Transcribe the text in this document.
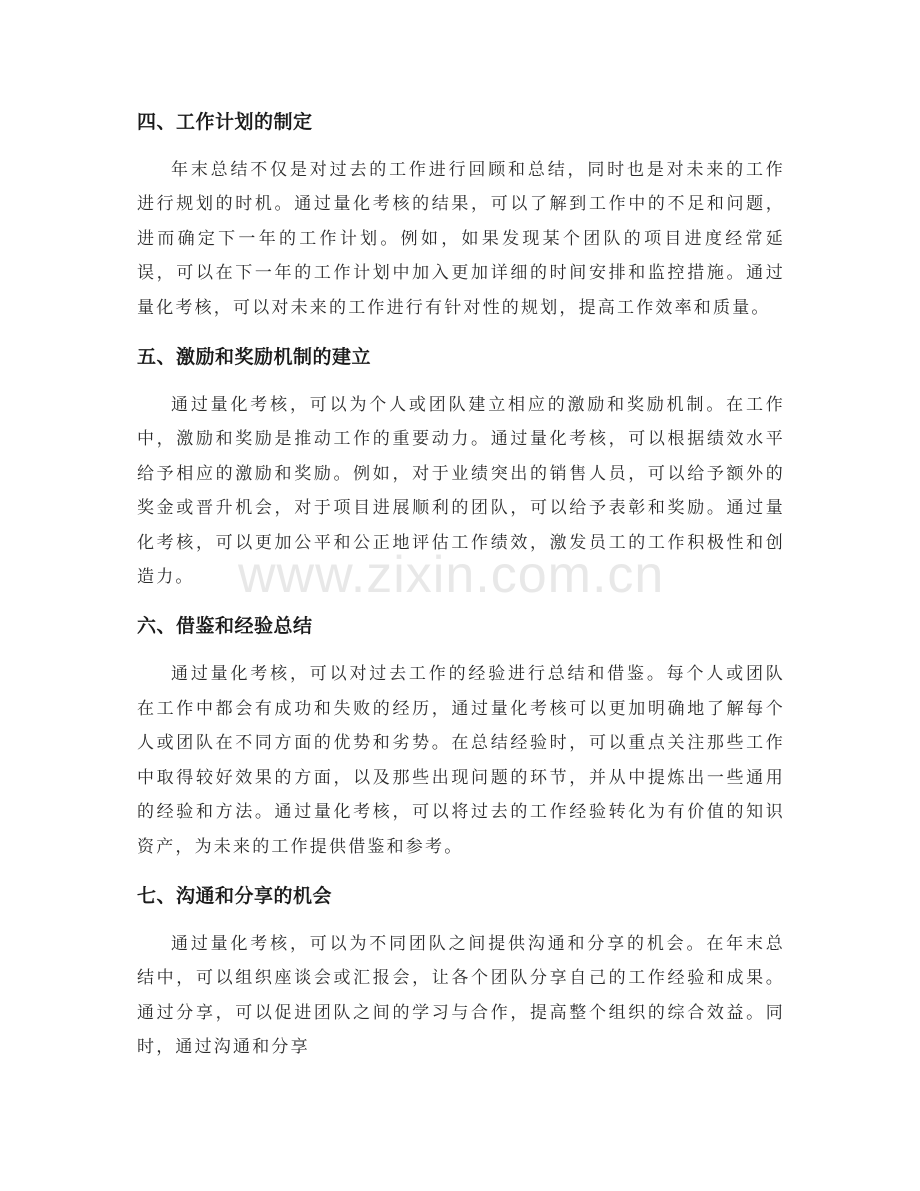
四、工作计划的制定

年末总结不仅是对过去的工作进行回顾和总结，同时也是对未来的工作进行规划的时机。通过量化考核的结果，可以了解到工作中的不足和问题，进而确定下一年的工作计划。例如，如果发现某个团队的项目进度经常延误，可以在下一年的工作计划中加入更加详细的时间安排和监控措施。通过量化考核，可以对未来的工作进行有针对性的规划，提高工作效率和质量。

五、激励和奖励机制的建立

通过量化考核，可以为个人或团队建立相应的激励和奖励机制。在工作中，激励和奖励是推动工作的重要动力。通过量化考核，可以根据绩效水平给予相应的激励和奖励。例如，对于业绩突出的销售人员，可以给予额外的奖金或晋升机会，对于项目进展顺利的团队，可以给予表彰和奖励。通过量化考核，可以更加公平和公正地评估工作绩效，激发员工的工作积极性和创造力。

六、借鉴和经验总结

通过量化考核，可以对过去工作的经验进行总结和借鉴。每个人或团队在工作中都会有成功和失败的经历，通过量化考核可以更加明确地了解每个人或团队在不同方面的优势和劣势。在总结经验时，可以重点关注那些工作中取得较好效果的方面，以及那些出现问题的环节，并从中提炼出一些通用的经验和方法。通过量化考核，可以将过去的工作经验转化为有价值的知识资产，为未来的工作提供借鉴和参考。

七、沟通和分享的机会

通过量化考核，可以为不同团队之间提供沟通和分享的机会。在年末总结中，可以组织座谈会或汇报会，让各个团队分享自己的工作经验和成果。通过分享，可以促进团队之间的学习与合作，提高整个组织的综合效益。同时，通过沟通和分享

www.zixin.com.cn
